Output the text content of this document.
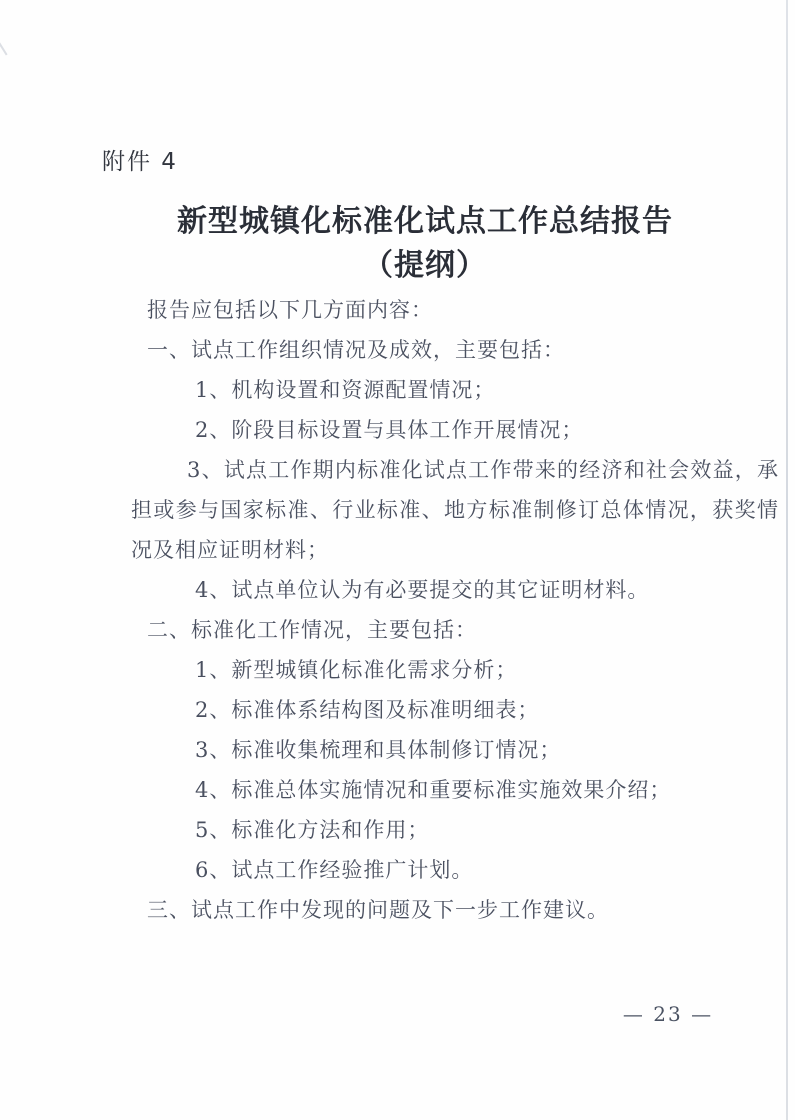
附件 4
新型城镇化标准化试点工作总结报告
（提纲）

报告应包括以下几方面内容：

一、试点工作组织情况及成效，主要包括：

1、机构设置和资源配置情况；

2、阶段目标设置与具体工作开展情况；

3、试点工作期内标准化试点工作带来的经济和社会效益，承担或参与国家标准、行业标准、地方标准制修订总体情况，获奖情况及相应证明材料；

4、试点单位认为有必要提交的其它证明材料。

二、标准化工作情况，主要包括：

1、新型城镇化标准化需求分析；

2、标准体系结构图及标准明细表；

3、标准收集梳理和具体制修订情况；

4、标准总体实施情况和重要标准实施效果介绍；

5、标准化方法和作用；

6、试点工作经验推广计划。

三、试点工作中发现的问题及下一步工作建议。

— 23 —
